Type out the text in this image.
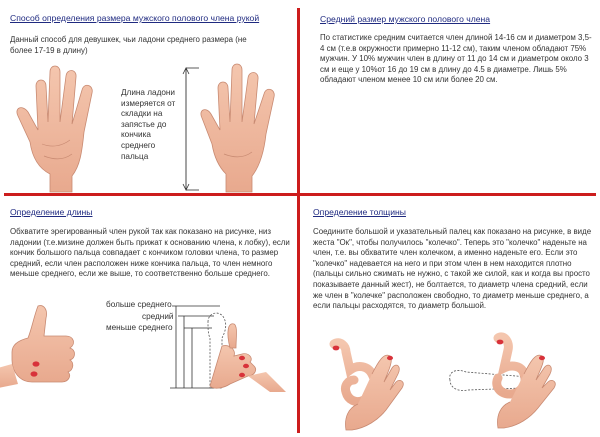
Способ определения размера мужского полового члена рукой
Данный способ для девушкек, чьи ладони среднего размера (не более 17-19 в длину)
Длина ладони измеряется от складки на запястье до кончика среднего пальца
Средний размер мужского полового члена
По статистике средним считается член длиной 14-16 см и диаметром 3,5-4 см (т.е.в окружности примерно 11-12 см), таким членом обладают 75% мужчин. У 10% мужчин член в длину от 11 до 14 см и диаметром около 3 см и еще у 10%от 16 до 19 см в длину до 4.5 в диаметре. Лишь 5% обладают членом менее 10 см или более 20 см.
Определение длины
Обхватите эрегированный член рукой так как показано на рисунке, низ ладонии (т.е.мизине должен быть прижат к основанию члена, к лобку), если кончик большого пальца совпадает с кончиком головки члена, то размер средний, если член расположен ниже кончика пальца, то член немного меньше среднего, если же выше, то соответственно больше среднего.
больше среднего
средний
меньше среднего
Определение толщины
Соедините большой и указательный палец как показано на рисунке, в виде жеста "Ок", чтобы получилось "колечко". Теперь это "колечко" наденьте на член, т.е. вы обхватите член колечком, а именно наденьте его. Если это "колечко" надевается на него и при этом член в нем находится плотно (пальцы сильно сжимать не нужно, с такой же силой, как и когда вы просто показываете данный жест), не болтается, то диаметр члена средний, если же член в "колечке" расположен свободно, то диаметр меньше среднего, а если пальцы расходятся, то диаметр большой.
